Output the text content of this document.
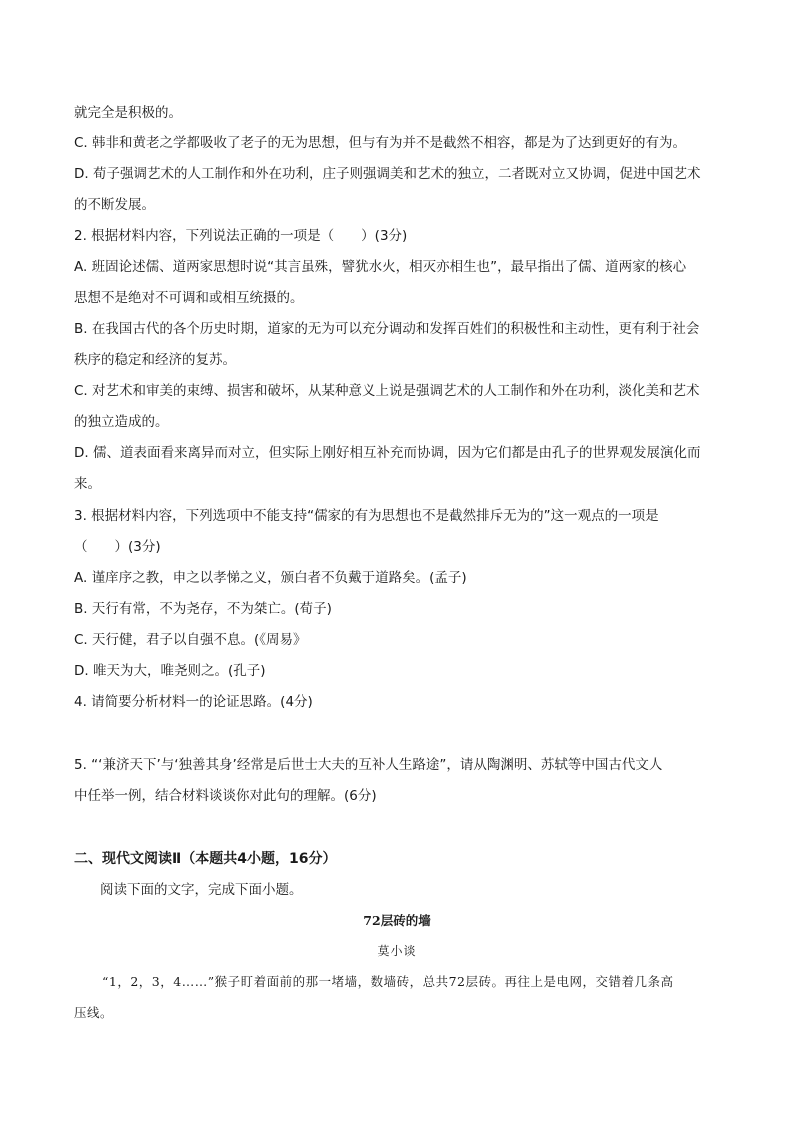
就完全是积极的。
C. 韩非和黄老之学都吸收了老子的无为思想，但与有为并不是截然不相容，都是为了达到更好的有为。
D. 荀子强调艺术的人工制作和外在功利，庄子则强调美和艺术的独立，二者既对立又协调，促进中国艺术
的不断发展。
2. 根据材料内容，下列说法正确的一项是（　　）(3分)
A. 班固论述儒、道两家思想时说“其言虽殊，譬犹水火，相灭亦相生也”，最早指出了儒、道两家的核心
思想不是绝对不可调和或相互统摄的。
B. 在我国古代的各个历史时期，道家的无为可以充分调动和发挥百姓们的积极性和主动性，更有利于社会
秩序的稳定和经济的复苏。
C. 对艺术和审美的束缚、损害和破坏，从某种意义上说是强调艺术的人工制作和外在功利，淡化美和艺术
的独立造成的。
D. 儒、道表面看来离异而对立，但实际上刚好相互补充而协调，因为它们都是由孔子的世界观发展演化而
来。
3. 根据材料内容，下列选项中不能支持“儒家的有为思想也不是截然排斥无为的”这一观点的一项是
（　　）(3分)
A. 谨庠序之教，申之以孝悌之义，颁白者不负戴于道路矣。(孟子)
B. 天行有常，不为尧存，不为桀亡。(荀子)
C. 天行健，君子以自强不息。(《周易》
D. 唯天为大，唯尧则之。(孔子)
4. 请简要分析材料一的论证思路。(4分)
5. “‘兼济天下’与‘独善其身’经常是后世士大夫的互补人生路途”，请从陶渊明、苏轼等中国古代文人
中任举一例，结合材料谈谈你对此句的理解。(6分)
二、现代文阅读Ⅱ（本题共4小题，16分）
阅读下面的文字，完成下面小题。
72层砖的墙
莫小谈
“1，2，3，4……”猴子盯着面前的那一堵墙，数墙砖，总共72层砖。再往上是电网，交错着几条高
压线。
